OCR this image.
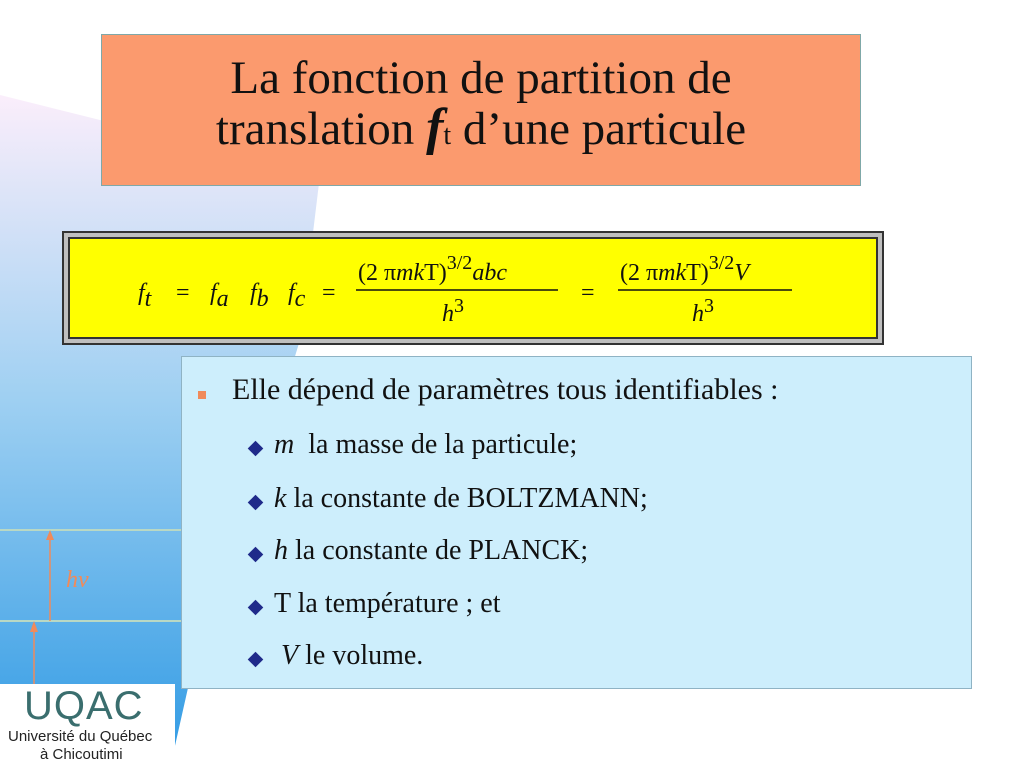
hν
La fonction de partition de
translation ft d’une particule
ft = fa fb fc =
(2 πmkT)$^{3/2}$abc
$h^3$	=
(2 πmkT)$^{3/2}$V
$h^3$
Elle dépend de paramètres tous identifiables :
m  la masse de la particule;
k la constante de BOLTZMANN;
h la constante de PLANCK;
T la température ; et
V le volume.
UQAC
Université du Québec
à Chicoutimi
